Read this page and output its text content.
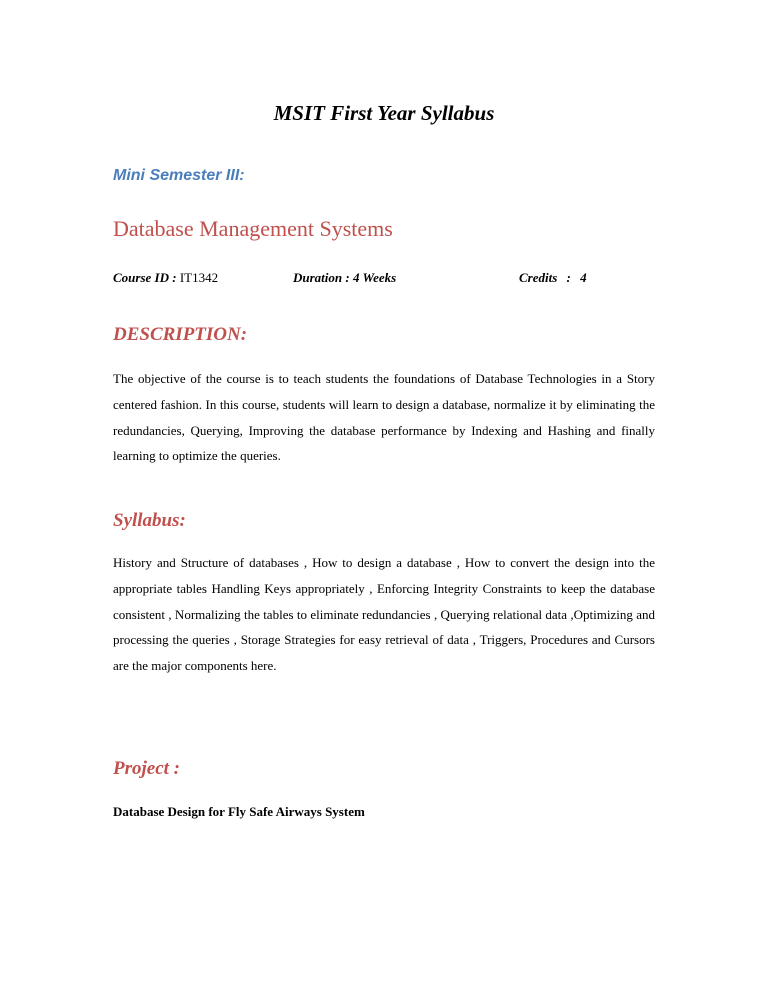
MSIT First Year Syllabus
Mini Semester III:
Database Management Systems
Course ID : IT1342	Duration : 4 Weeks	Credits : 4
DESCRIPTION:
The objective of the course is to teach students the foundations of Database Technologies in a Story centered fashion. In this course, students will learn to design a database, normalize it by eliminating the redundancies, Querying, Improving the database performance by Indexing and Hashing and finally learning to optimize the queries.
Syllabus:
History and Structure of databases , How to design a database , How to convert the design into the appropriate tables Handling Keys appropriately , Enforcing Integrity Constraints to keep the database consistent , Normalizing the tables to eliminate redundancies , Querying relational data ,Optimizing and processing the queries , Storage Strategies for easy retrieval of data , Triggers, Procedures and Cursors are the major components here.
Project :
Database Design for Fly Safe Airways System
